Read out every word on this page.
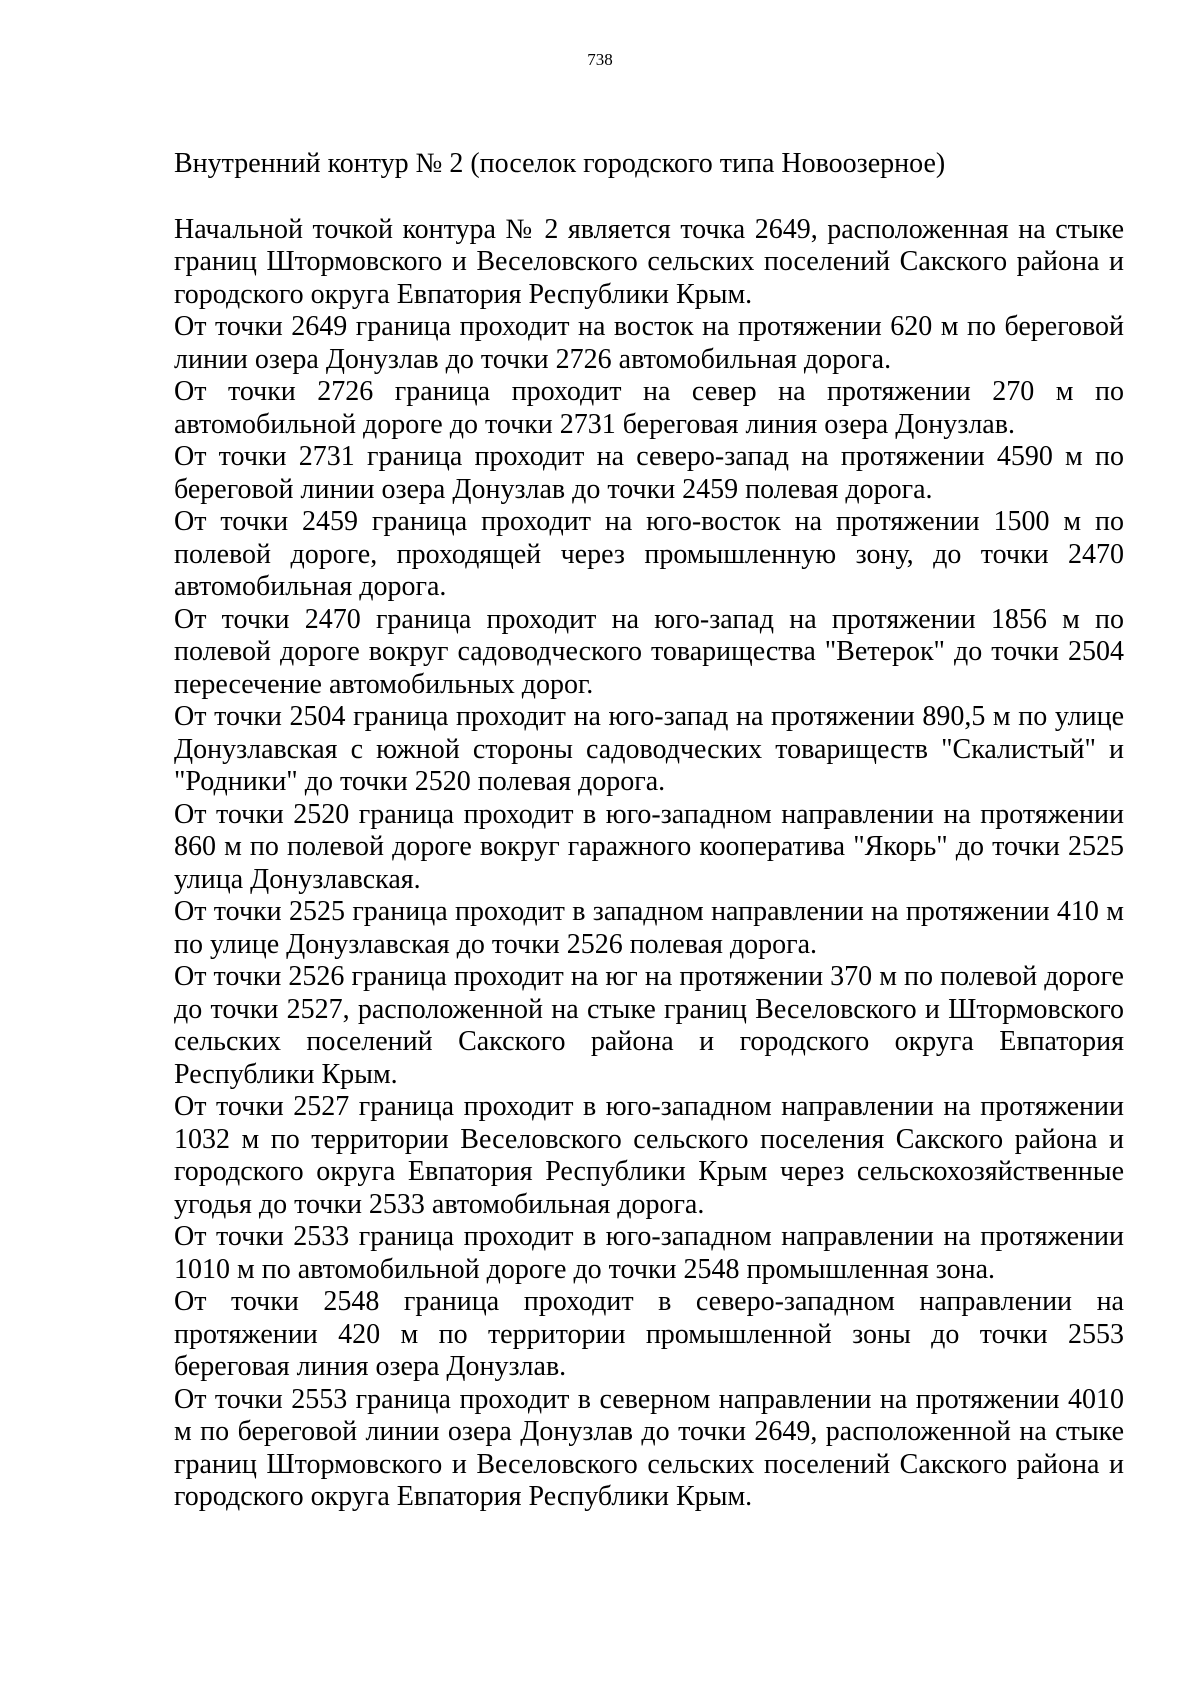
738

Внутренний контур № 2 (поселок городского типа Новоозерное)

Начальной точкой контура № 2 является точка 2649, расположенная на стыке границ Штормовского и Веселовского сельских поселений Сакского района и городского округа Евпатория Республики Крым.

От точки 2649 граница проходит на восток на протяжении 620 м по береговой линии озера Донузлав до точки 2726 автомобильная дорога.

От точки 2726 граница проходит на север на протяжении 270 м по автомобильной дороге до точки 2731 береговая линия озера Донузлав.

От точки 2731 граница проходит на северо-запад на протяжении 4590 м по береговой линии озера Донузлав до точки 2459 полевая дорога.

От точки 2459 граница проходит на юго-восток на протяжении 1500 м по полевой дороге, проходящей через промышленную зону, до точки 2470 автомобильная дорога.

От точки 2470 граница проходит на юго-запад на протяжении 1856 м по полевой дороге вокруг садоводческого товарищества "Ветерок" до точки 2504 пересечение автомобильных дорог.

От точки 2504 граница проходит на юго-запад на протяжении 890,5 м по улице Донузлавская с южной стороны садоводческих товариществ "Скалистый" и "Родники" до точки 2520 полевая дорога.

От точки 2520 граница проходит в юго-западном направлении на протяжении 860 м по полевой дороге вокруг гаражного кооператива "Якорь" до точки 2525 улица Донузлавская.

От точки 2525 граница проходит в западном направлении на протяжении 410 м по улице Донузлавская до точки 2526 полевая дорога.

От точки 2526 граница проходит на юг на протяжении 370 м по полевой дороге до точки 2527, расположенной на стыке границ Веселовского и Штормовского сельских поселений Сакского района и городского округа Евпатория Республики Крым.

От точки 2527 граница проходит в юго-западном направлении на протяжении 1032 м по территории Веселовского сельского поселения Сакского района и городского округа Евпатория Республики Крым через сельскохозяйственные угодья до точки 2533 автомобильная дорога.

От точки 2533 граница проходит в юго-западном направлении на протяжении 1010 м по автомобильной дороге до точки 2548 промышленная зона.

От точки 2548 граница проходит в северо-западном направлении на протяжении 420 м по территории промышленной зоны до точки 2553 береговая линия озера Донузлав.

От точки 2553 граница проходит в северном направлении на протяжении 4010 м по береговой линии озера Донузлав до точки 2649, расположенной на стыке границ Штормовского и Веселовского сельских поселений Сакского района и городского округа Евпатория Республики Крым.
